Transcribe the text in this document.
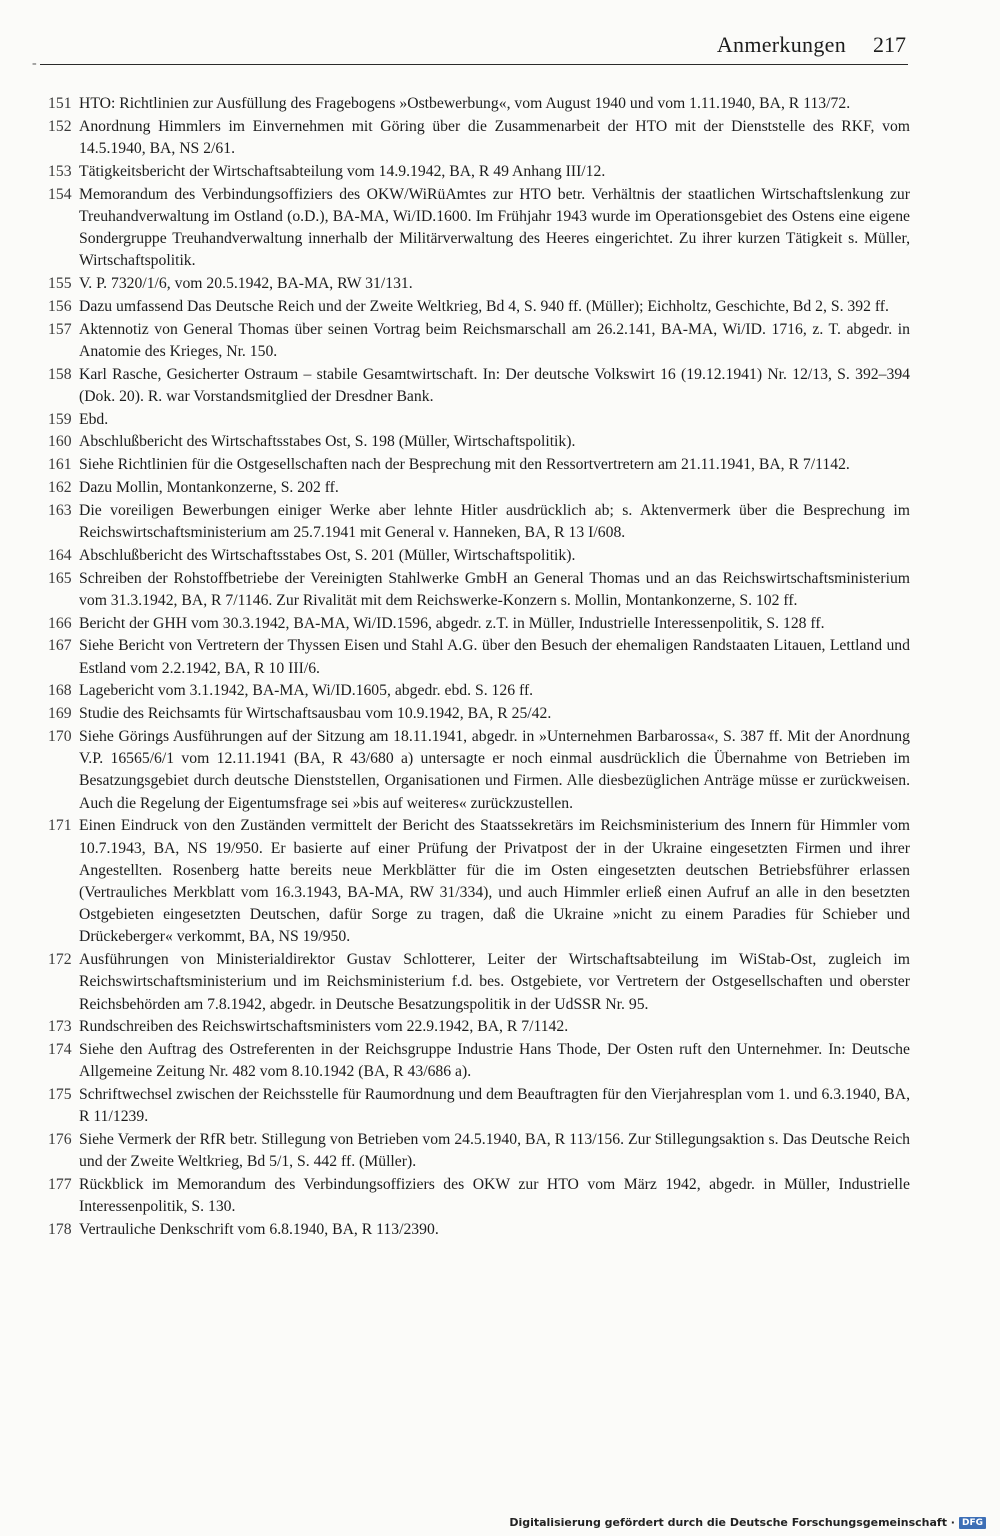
-
Anmerkungen 217
151 HTO: Richtlinien zur Ausfüllung des Fragebogens »Ostbewerbung«, vom August 1940 und vom 1.11.1940, BA, R 113/72.
152 Anordnung Himmlers im Einvernehmen mit Göring über die Zusammenarbeit der HTO mit der Dienststelle des RKF, vom 14.5.1940, BA, NS 2/61.
153 Tätigkeitsbericht der Wirtschaftsabteilung vom 14.9.1942, BA, R 49 Anhang III/12.
154 Memorandum des Verbindungsoffiziers des OKW/WiRüAmtes zur HTO betr. Verhältnis der staatlichen Wirtschaftslenkung zur Treuhandverwaltung im Ostland (o.D.), BA-MA, Wi/ID.1600. Im Frühjahr 1943 wurde im Operationsgebiet des Ostens eine eigene Sondergruppe Treuhandverwaltung innerhalb der Militärverwaltung des Heeres eingerichtet. Zu ihrer kurzen Tätigkeit s. Müller, Wirtschaftspolitik.
155 V. P. 7320/1/6, vom 20.5.1942, BA-MA, RW 31/131.
156 Dazu umfassend Das Deutsche Reich und der Zweite Weltkrieg, Bd 4, S. 940 ff. (Müller); Eichholtz, Geschichte, Bd 2, S. 392 ff.
157 Aktennotiz von General Thomas über seinen Vortrag beim Reichsmarschall am 26.2.141, BA-MA, Wi/ID. 1716, z. T. abgedr. in Anatomie des Krieges, Nr. 150.
158 Karl Rasche, Gesicherter Ostraum – stabile Gesamtwirtschaft. In: Der deutsche Volkswirt 16 (19.12.1941) Nr. 12/13, S. 392–394 (Dok. 20). R. war Vorstandsmitglied der Dresdner Bank.
159 Ebd.
160 Abschlußbericht des Wirtschaftsstabes Ost, S. 198 (Müller, Wirtschaftspolitik).
161 Siehe Richtlinien für die Ostgesellschaften nach der Besprechung mit den Ressortvertretern am 21.11.1941, BA, R 7/1142.
162 Dazu Mollin, Montankonzerne, S. 202 ff.
163 Die voreiligen Bewerbungen einiger Werke aber lehnte Hitler ausdrücklich ab; s. Aktenvermerk über die Besprechung im Reichswirtschaftsministerium am 25.7.1941 mit General v. Hanneken, BA, R 13 I/608.
164 Abschlußbericht des Wirtschaftsstabes Ost, S. 201 (Müller, Wirtschaftspolitik).
165 Schreiben der Rohstoffbetriebe der Vereinigten Stahlwerke GmbH an General Thomas und an das Reichswirtschaftsministerium vom 31.3.1942, BA, R 7/1146. Zur Rivalität mit dem Reichswerke-Konzern s. Mollin, Montankonzerne, S. 102 ff.
166 Bericht der GHH vom 30.3.1942, BA-MA, Wi/ID.1596, abgedr. z.T. in Müller, Industrielle Interessenpolitik, S. 128 ff.
167 Siehe Bericht von Vertretern der Thyssen Eisen und Stahl A.G. über den Besuch der ehemaligen Randstaaten Litauen, Lettland und Estland vom 2.2.1942, BA, R 10 III/6.
168 Lagebericht vom 3.1.1942, BA-MA, Wi/ID.1605, abgedr. ebd. S. 126 ff.
169 Studie des Reichsamts für Wirtschaftsausbau vom 10.9.1942, BA, R 25/42.
170 Siehe Görings Ausführungen auf der Sitzung am 18.11.1941, abgedr. in »Unternehmen Barbarossa«, S. 387 ff. Mit der Anordnung V.P. 16565/6/1 vom 12.11.1941 (BA, R 43/680 a) untersagte er noch einmal ausdrücklich die Übernahme von Betrieben im Besatzungsgebiet durch deutsche Dienststellen, Organisationen und Firmen. Alle diesbezüglichen Anträge müsse er zurückweisen. Auch die Regelung der Eigentumsfrage sei »bis auf weiteres« zurückzustellen.
171 Einen Eindruck von den Zuständen vermittelt der Bericht des Staatssekretärs im Reichsministerium des Innern für Himmler vom 10.7.1943, BA, NS 19/950. Er basierte auf einer Prüfung der Privatpost der in der Ukraine eingesetzten Firmen und ihrer Angestellten. Rosenberg hatte bereits neue Merkblätter für die im Osten eingesetzten deutschen Betriebsführer erlassen (Vertrauliches Merkblatt vom 16.3.1943, BA-MA, RW 31/334), und auch Himmler erließ einen Aufruf an alle in den besetzten Ostgebieten eingesetzten Deutschen, dafür Sorge zu tragen, daß die Ukraine »nicht zu einem Paradies für Schieber und Drückeberger« verkommt, BA, NS 19/950.
172 Ausführungen von Ministerialdirektor Gustav Schlotterer, Leiter der Wirtschaftsabteilung im WiStab-Ost, zugleich im Reichswirtschaftsministerium und im Reichsministerium f.d. bes. Ostgebiete, vor Vertretern der Ostgesellschaften und oberster Reichsbehörden am 7.8.1942, abgedr. in Deutsche Besatzungspolitik in der UdSSR Nr. 95.
173 Rundschreiben des Reichswirtschaftsministers vom 22.9.1942, BA, R 7/1142.
174 Siehe den Auftrag des Ostreferenten in der Reichsgruppe Industrie Hans Thode, Der Osten ruft den Unternehmer. In: Deutsche Allgemeine Zeitung Nr. 482 vom 8.10.1942 (BA, R 43/686 a).
175 Schriftwechsel zwischen der Reichsstelle für Raumordnung und dem Beauftragten für den Vierjahresplan vom 1. und 6.3.1940, BA, R 11/1239.
176 Siehe Vermerk der RfR betr. Stillegung von Betrieben vom 24.5.1940, BA, R 113/156. Zur Stillegungsaktion s. Das Deutsche Reich und der Zweite Weltkrieg, Bd 5/1, S. 442 ff. (Müller).
177 Rückblick im Memorandum des Verbindungsoffiziers des OKW zur HTO vom März 1942, abgedr. in Müller, Industrielle Interessenpolitik, S. 130.
178 Vertrauliche Denkschrift vom 6.8.1940, BA, R 113/2390.
Digitalisierung gefördert durch die Deutsche Forschungsgemeinschaft · DFG
